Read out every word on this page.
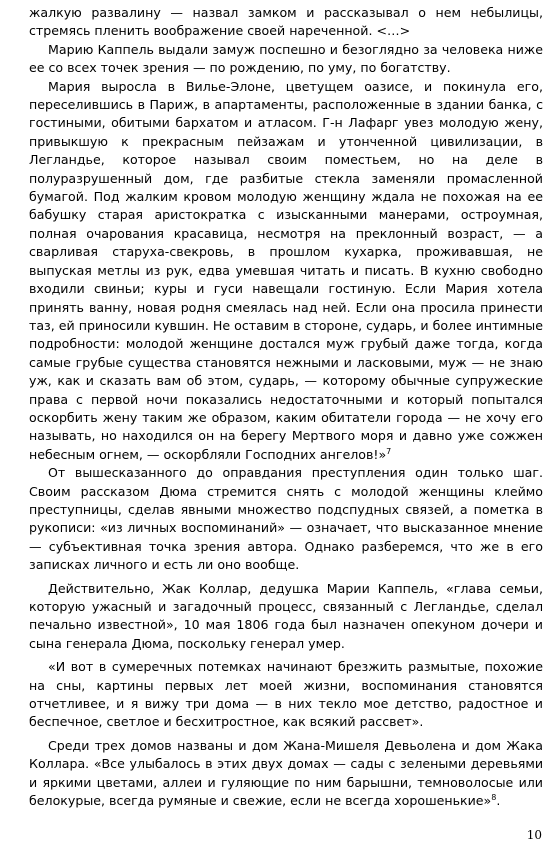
жалкую развалину — назвал замком и рассказывал о нем небылицы, стремясь пленить воображение своей нареченной. <…>

Марию Каппель выдали замуж поспешно и безоглядно за человека ниже ее со всех точек зрения — по рождению, по уму, по богатству.

Мария выросла в Вилье-Элоне, цветущем оазисе, и покинула его, переселившись в Париж, в апартаменты, расположенные в здании банка, с гостиными, обитыми бархатом и атласом. Г-н Лафарг увез молодую жену, привыкшую к прекрасным пейзажам и утонченной цивилизации, в Легландье, которое называл своим поместьем, но на деле в полуразрушенный дом, где разбитые стекла заменяли промасленной бумагой. Под жалким кровом молодую женщину ждала не похожая на ее бабушку старая аристократка с изысканными манерами, остроумная, полная очарования красавица, несмотря на преклонный возраст, — а сварливая старуха-свекровь, в прошлом кухарка, проживавшая, не выпуская метлы из рук, едва умевшая читать и писать. В кухню свободно входили свиньи; куры и гуси навещали гостиную. Если Мария хотела принять ванну, новая родня смеялась над ней. Если она просила принести таз, ей приносили кувшин. Не оставим в стороне, сударь, и более интимные подробности: молодой женщине достался муж грубый даже тогда, когда самые грубые существа становятся нежными и ласковыми, муж — не знаю уж, как и сказать вам об этом, сударь, — которому обычные супружеские права с первой ночи показались недостаточными и который попытался оскорбить жену таким же образом, каким обитатели города — не хочу его называть, но находился он на берегу Мертвого моря и давно уже сожжен небесным огнем, — оскорбляли Господних ангелов!»$^7$

От вышесказанного до оправдания преступления один только шаг. Своим рассказом Дюма стремится снять с молодой женщины клеймо преступницы, сделав явными множество подспудных связей, а пометка в рукописи: «из личных воспоминаний» — означает, что высказанное мнение — субъективная точка зрения автора. Однако разберемся, что же в его записках личного и есть ли оно вообще.

Действительно, Жак Коллар, дедушка Марии Каппель, «глава семьи, которую ужасный и загадочный процесс, связанный с Легландье, сделал печально известной», 10 мая 1806 года был назначен опекуном дочери и сына генерала Дюма, поскольку генерал умер.

«И вот в сумеречных потемках начинают брезжить размытые, похожие на сны, картины первых лет моей жизни, воспоминания становятся отчетливее, и я вижу три дома — в них текло мое детство, радостное и беспечное, светлое и бесхитростное, как всякий рассвет».

Среди трех домов названы и дом Жана-Мишеля Девьолена и дом Жака Коллара. «Все улыбалось в этих двух домах — сады с зелеными деревьями и яркими цветами, аллеи и гуляющие по ним барышни, темноволосые или белокурые, всегда румяные и свежие, если не всегда хорошенькие»$^8$.

10
